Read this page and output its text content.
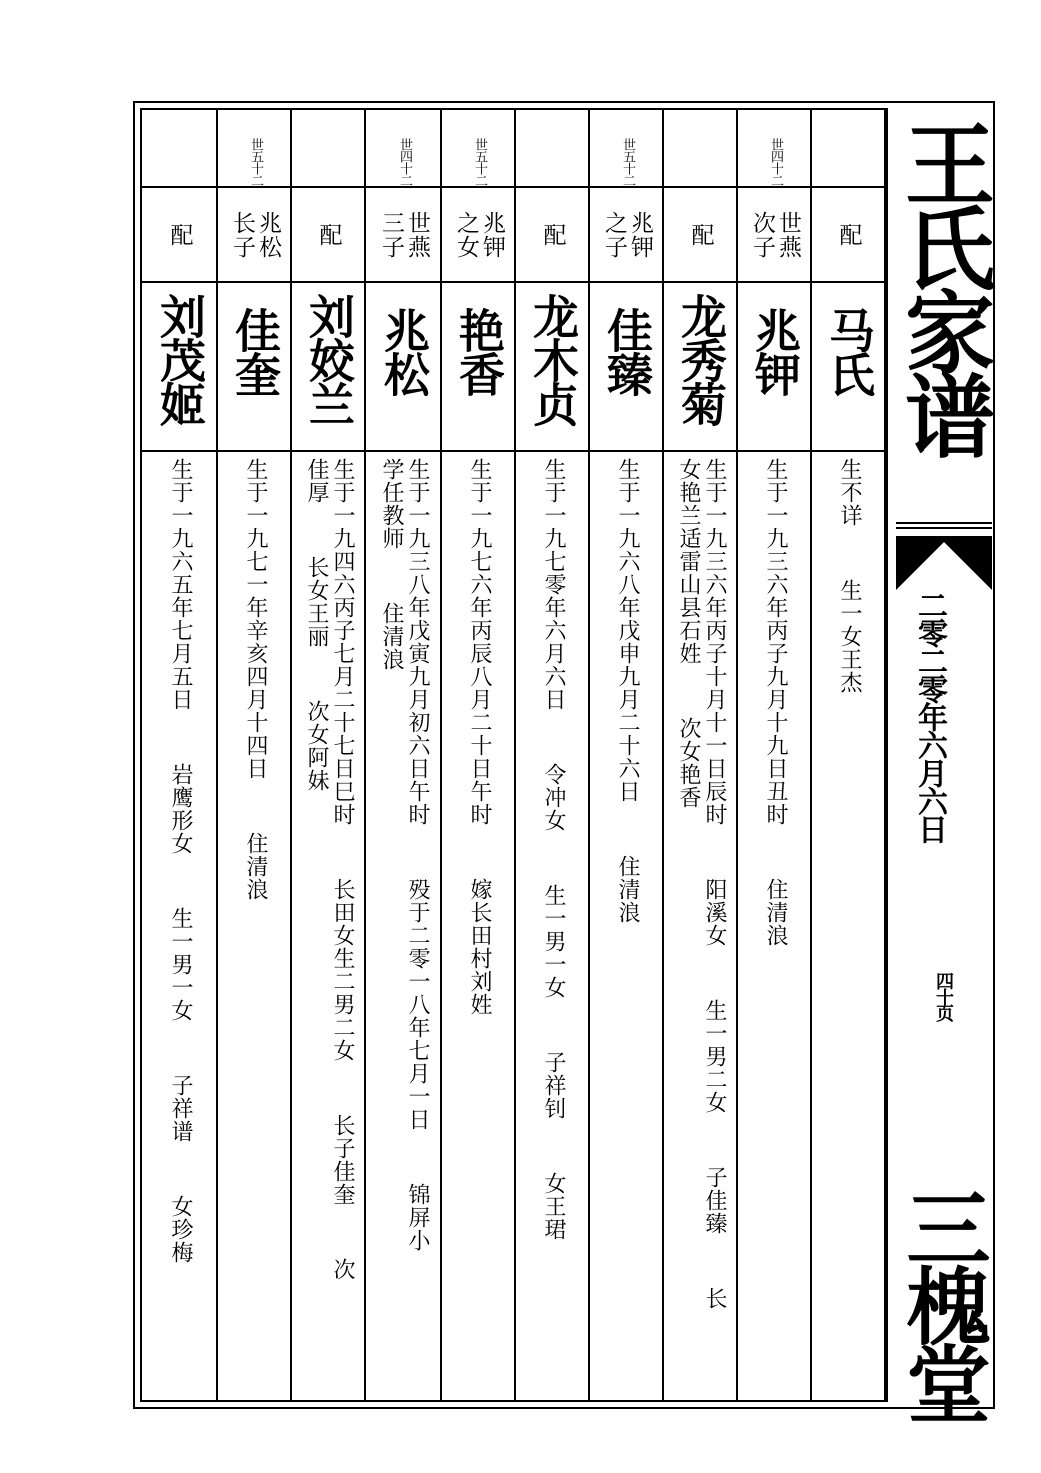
配
马氏
生不详  生一女王杰
世四十二
世燕
次子
兆钾
生于一九三六年丙子九月十九日丑时  住清浪
配
龙秀菊
生于一九三六年丙子十月十一日辰时  阳溪女  生一男二女  子佳臻  长
女艳兰适雷山县石姓  次女艳香
世五十二
兆钾
之子
佳臻
生于一九六八年戊申九月二十六日  住清浪
配
龙木贞
生于一九七零年六月六日  令冲女  生一男一女  子祥钊  女王珺
世五十二
兆钾
之女
艳香
生于一九七六年丙辰八月二十日午时  嫁长田村刘姓
世四十二
世燕
三子
兆松
生于一九三八年戊寅九月初六日午时  殁于二零一八年七月一日  锦屏小
学任教师  住清浪
配
刘姣兰
生于一九四六丙子七月二十七日巳时  长田女生二男二女  长子佳奎  次
佳厚  长女王丽  次女阿妹
世五十二
兆松
长子
佳奎
生于一九七一年辛亥四月十四日  住清浪
配
刘茂姬
生于一九六五年七月五日  岩鹰形女  生一男一女  子祥谱  女珍梅
王氏家谱
二零二零年六月六日
四十页
三槐堂
